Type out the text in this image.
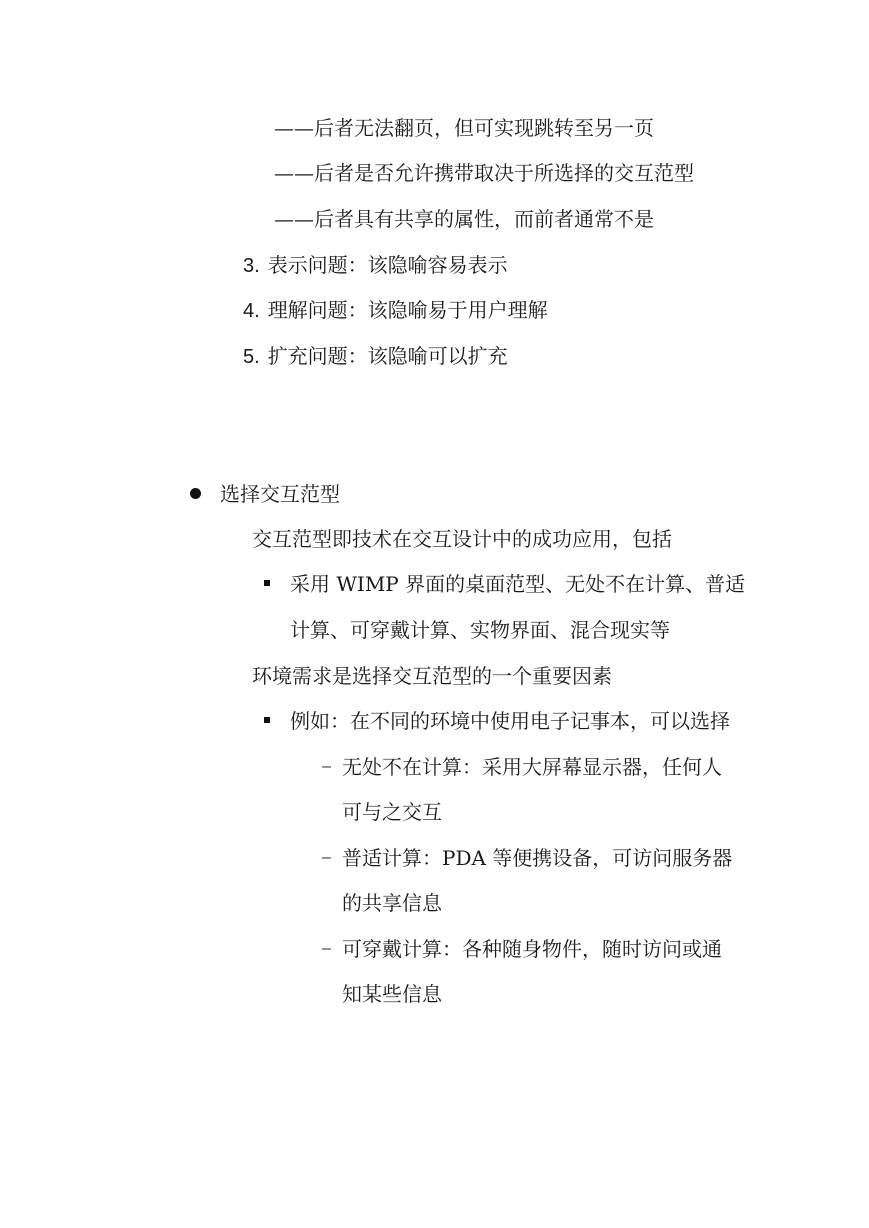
——后者无法翻页，但可实现跳转至另一页
——后者是否允许携带取决于所选择的交互范型
——后者具有共享的属性，而前者通常不是
3. 表示问题：该隐喻容易表示
4. 理解问题：该隐喻易于用户理解
5. 扩充问题：该隐喻可以扩充
选择交互范型
交互范型即技术在交互设计中的成功应用，包括
采用 WIMP 界面的桌面范型、无处不在计算、普适
计算、可穿戴计算、实物界面、混合现实等
环境需求是选择交互范型的一个重要因素
例如：在不同的环境中使用电子记事本，可以选择
– 无处不在计算：采用大屏幕显示器，任何人
可与之交互
– 普适计算：PDA 等便携设备，可访问服务器
的共享信息
– 可穿戴计算：各种随身物件，随时访问或通
知某些信息
